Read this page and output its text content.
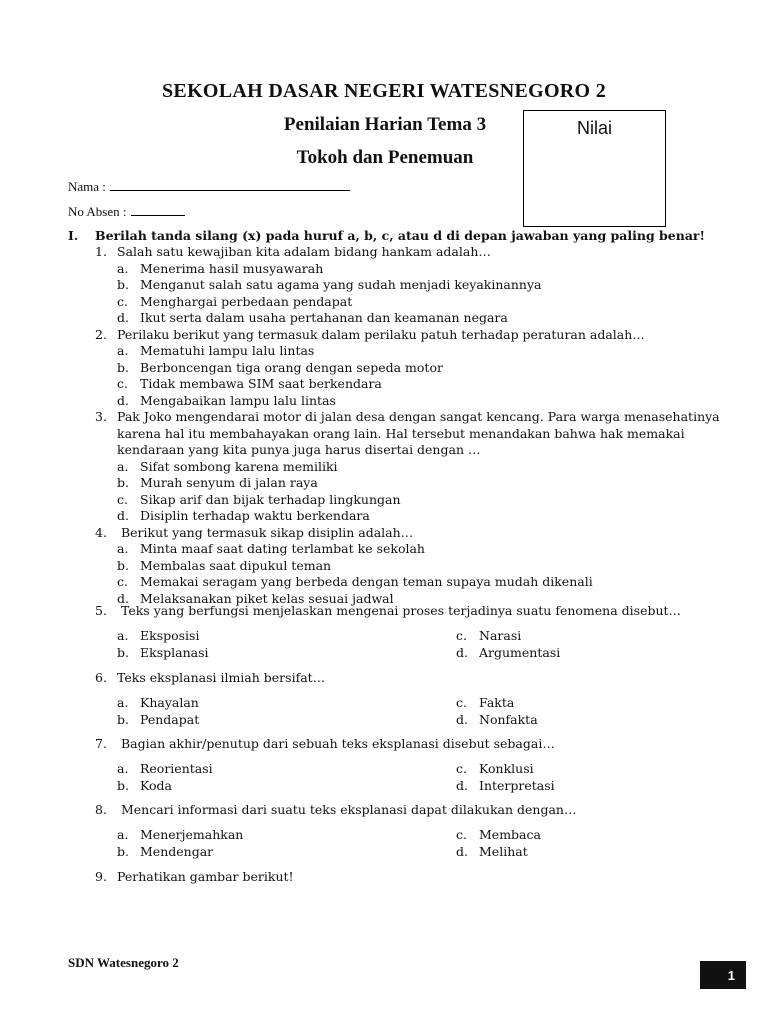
SEKOLAH DASAR NEGERI WATESNEGORO 2
Penilaian Harian Tema 3
Tokoh dan Penemuan
Nilai
Nama :
No Absen :
I. Berilah tanda silang (x) pada huruf a, b, c, atau d di depan jawaban yang paling benar!
1. Salah satu kewajiban kita adalam bidang hankam adalah…
a. Menerima hasil musyawarah
b. Menganut salah satu agama yang sudah menjadi keyakinannya
c. Menghargai perbedaan pendapat
d. Ikut serta dalam usaha pertahanan dan keamanan negara
2. Perilaku berikut yang termasuk dalam perilaku patuh terhadap peraturan adalah…
a. Mematuhi lampu lalu lintas
b. Berboncengan tiga orang dengan sepeda motor
c. Tidak membawa SIM saat berkendara
d. Mengabaikan lampu lalu lintas
3. Pak Joko mengendarai motor di jalan desa dengan sangat kencang. Para warga menasehatinya
karena hal itu membahayakan orang lain. Hal tersebut menandakan bahwa hak memakai
kendaraan yang kita punya juga harus disertai dengan …
a. Sifat sombong karena memiliki
b. Murah senyum di jalan raya
c. Sikap arif dan bijak terhadap lingkungan
d. Disiplin terhadap waktu berkendara
4. Berikut yang termasuk sikap disiplin adalah…
a. Minta maaf saat dating terlambat ke sekolah
b. Membalas saat dipukul teman
c. Memakai seragam yang berbeda dengan teman supaya mudah dikenali
d. Melaksanakan piket kelas sesuai jadwal
5. Teks yang berfungsi menjelaskan mengenai proses terjadinya suatu fenomena disebut…
a. Eksposisi
b. Eksplanasi
c. Narasi
d. Argumentasi
6. Teks eksplanasi ilmiah bersifat…
a. Khayalan
b. Pendapat
c. Fakta
d. Nonfakta
7. Bagian akhir/penutup dari sebuah teks eksplanasi disebut sebagai…
a. Reorientasi
b. Koda
c. Konklusi
d. Interpretasi
8. Mencari informasi dari suatu teks eksplanasi dapat dilakukan dengan…
a. Menerjemahkan
b. Mendengar
c. Membaca
d. Melihat
9. Perhatikan gambar berikut!
SDN Watesnegoro 2
1
